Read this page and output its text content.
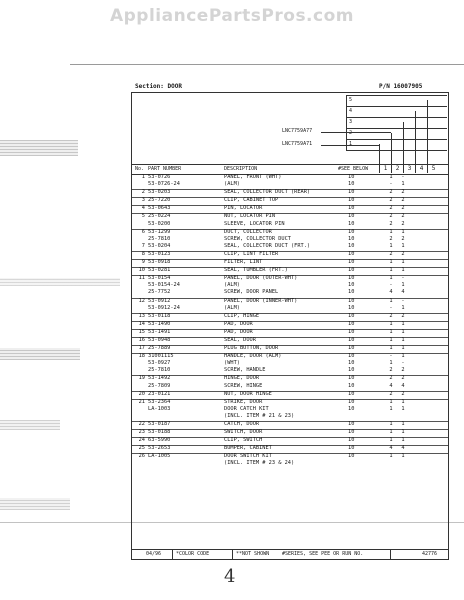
AppliancePartsPros.com
Section: DOOR	P/N 16007905
5
4
3
2
1
LNC7759A77
LNC7759A71
No. PART NUMBER	DESCRIPTION	#SEE BELOW	1	2	3	4	5
1 53-0726	PANEL, FRONT (WHT)	10	1	-
53-0726-24	(ALM)	10	-	1
2 53-0203	SEAL, COLLECTOR DUCT (REAR)	10	2	2
3 25-7220	CLIP, CABINET TOP	10	2	2
4 53-0643	PIN, LOCATOR	10	2	2
5 25-0224	NUT, LOCATOR PIN	10	2	2
53-0200	SLEEVE, LOCATOR PIN	10	2	2
6 53-1299	DUCT, COLLECTOR	10	1	1
25-7810	SCREW, COLLECTOR DUCT	10	2	2
7 53-0204	SEAL, COLLECTOR DUCT (FRT.)	10	1	1
8 53-0123	CLIP, LINT FILTER	10	2	2
9 53-0918	FILTER, LINT	10	1	1
10 53-0281	SEAL, TUMBLER (FRT.)	10	1	1
11 53-0154	PANEL, DOOR (OUTER-WHT)	10	1	-
53-0154-24	(ALM)	10	-	1
25-7752	SCREW, DOOR PANEL	10	4	4
12 53-0912	PANEL, DOOR (INNER-WHT)	10	1	-
53-0912-24	(ALM)	10	-	1
13 53-0118	CLIP, HINGE	10	2	2
14 53-1490	PAD, DOOR	10	1	1
15 53-1491	PAD, DOOR	10	1	1
16 53-0948	SEAL, DOOR	10	1	1
17 25-7889	PLUG BUTTON, DOOR	10	1	1
18 31001115	HANDLE, DOOR (ALM)	10	-	1
53-0927	(WHT)	10	1	-
25-7810	SCREW, HANDLE	10	2	2
19 53-1492	HINGE, DOOR	10	2	2
25-7809	SCREW, HINGE	10	4	4
20 23-0121	NUT, DOOR HINGE	10	2	2
21 53-2364	STRIKE, DOOR	10	1	1
LA-1003	DOOR CATCH KIT	10	1	1
(INCL. ITEM # 21 & 23)
22 53-0187	CATCH, DOOR	10	1	1
23 53-0188	SWITCH, DOOR	10	1	1
24 63-5990	CLIP, SWITCH	10	1	1
25 53-2653	BUMPER, CABINET	10	4	4
26 LA-1005	DOOR SWITCH KIT	10	1	1
(INCL. ITEM # 23 & 24)
04/96	*COLOR CODE	**NOT SHOWN	#SERIES, SEE PEE OR RUN NO.	42776
4
